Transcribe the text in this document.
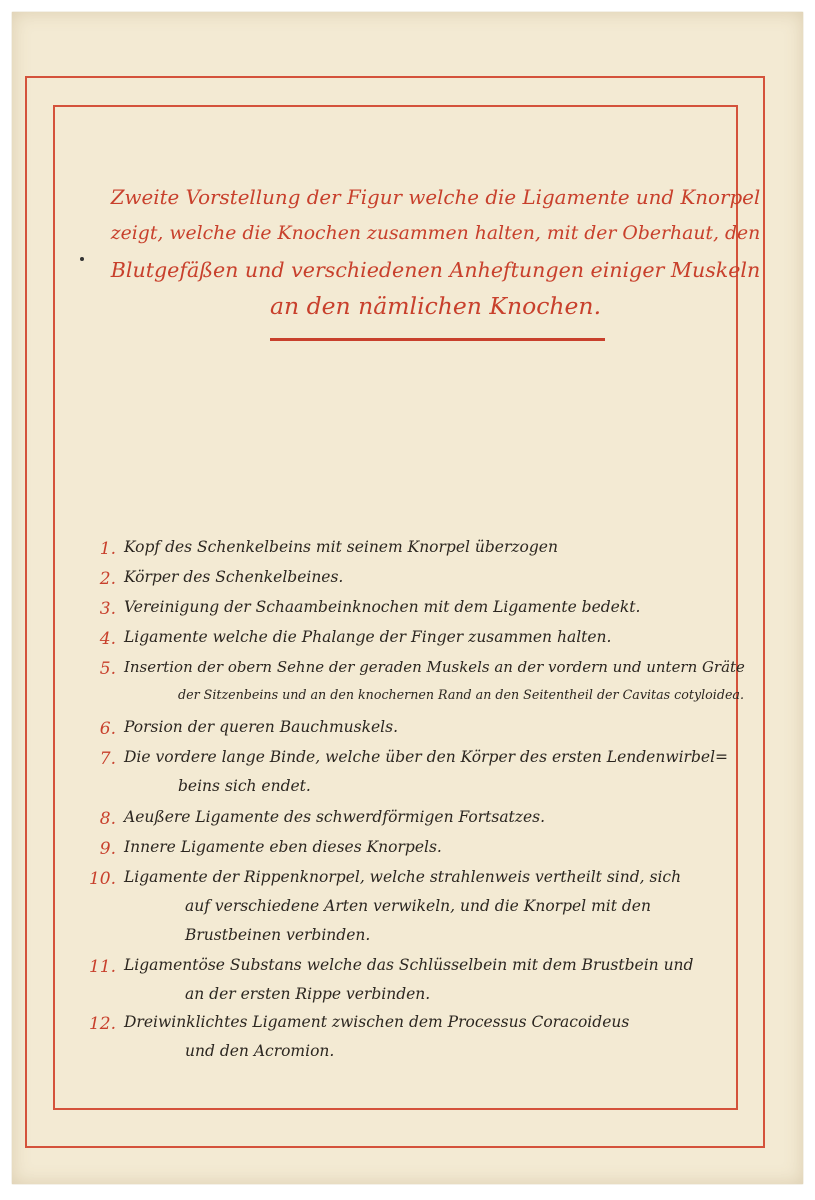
Zweite Vorstellung der Figur welche die Ligamente und Knorpel
zeigt, welche die Knochen zusammen halten, mit der Oberhaut, den
Blutgefäßen und verschiedenen Anheftungen einiger Muskeln
an den nämlichen Knochen.
1. Kopf des Schenkelbeins mit seinem Knorpel überzogen
2. Körper des Schenkelbeines.
3. Vereinigung der Schaambeinknochen mit dem Ligamente bedekt.
4. Ligamente welche die Phalange der Finger zusammen halten.
5. Insertion der obern Sehne der geraden Muskels an der vordern und untern Gräte
der Sitzenbeins und an den knochernen Rand an den Seitentheil der Cavitas cotyloidea.
6. Porsion der queren Bauchmuskels.
7. Die vordere lange Binde, welche über den Körper des ersten Lendenwirbel=
beins sich endet.
8. Aeußere Ligamente des schwerdförmigen Fortsatzes.
9. Innere Ligamente eben dieses Knorpels.
10. Ligamente der Rippenknorpel, welche strahlenweis vertheilt sind, sich
auf verschiedene Arten verwikeln, und die Knorpel mit den
Brustbeinen verbinden.
11. Ligamentöse Substans welche das Schlüsselbein mit dem Brustbein und
an der ersten Rippe verbinden.
12. Dreiwinklichtes Ligament zwischen dem Processus Coracoideus
und den Acromion.
